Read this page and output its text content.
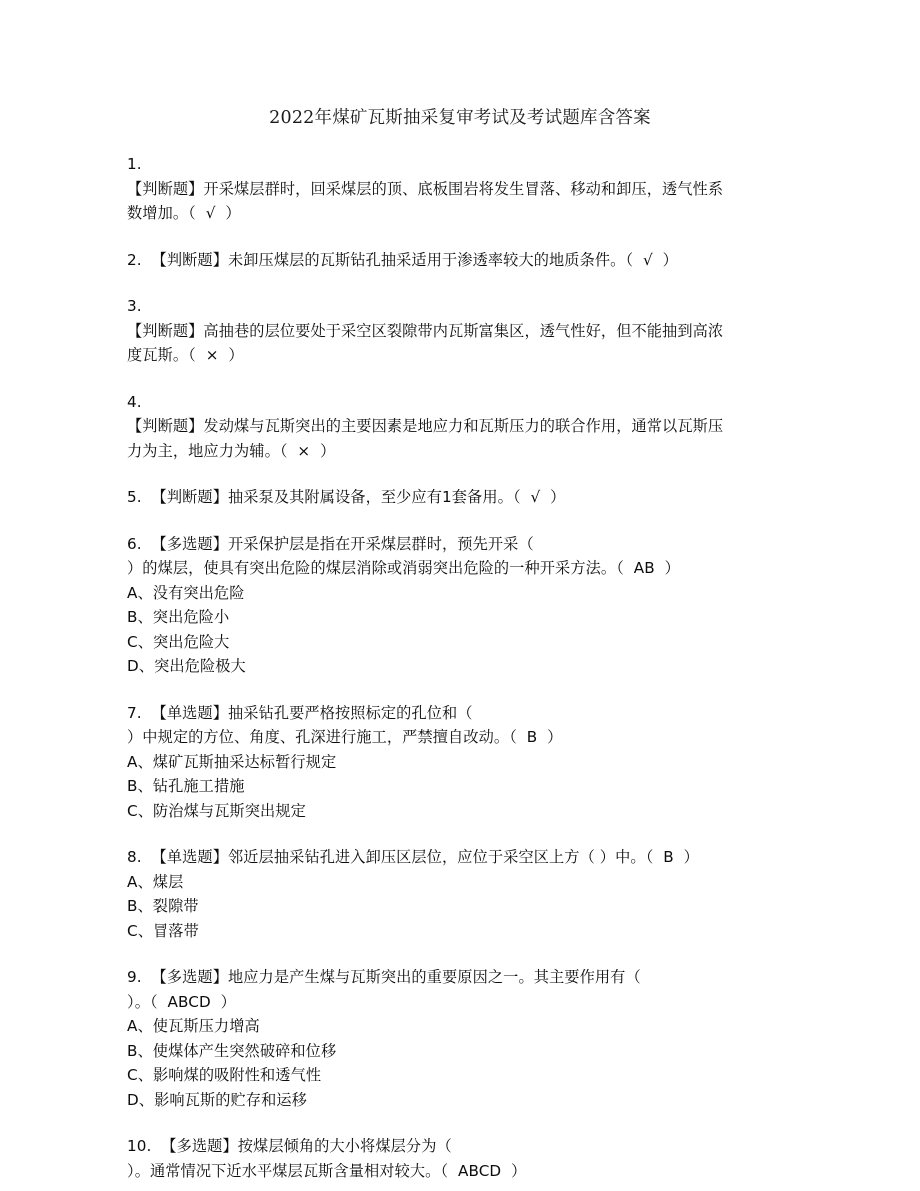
2022年煤矿瓦斯抽采复审考试及考试题库含答案
1.
【判断题】开采煤层群时，回采煤层的顶、底板围岩将发生冒落、移动和卸压，透气性系
数增加。（  √  ）
2.  【判断题】未卸压煤层的瓦斯钻孔抽采适用于渗透率较大的地质条件。（  √  ）
3.
【判断题】高抽巷的层位要处于采空区裂隙带内瓦斯富集区，透气性好，但不能抽到高浓
度瓦斯。（  ×  ）
4.
【判断题】发动煤与瓦斯突出的主要因素是地应力和瓦斯压力的联合作用，通常以瓦斯压
力为主，地应力为辅。（  ×  ）
5.  【判断题】抽采泵及其附属设备，至少应有1套备用。（  √  ）
6.  【多选题】开采保护层是指在开采煤层群时，预先开采（
）的煤层，使具有突出危险的煤层消除或消弱突出危险的一种开采方法。（  AB  ）
A、没有突出危险
B、突出危险小
C、突出危险大
D、突出危险极大
7.  【单选题】抽采钻孔要严格按照标定的孔位和（
）中规定的方位、角度、孔深进行施工，严禁擅自改动。（  B  ）
A、煤矿瓦斯抽采达标暂行规定
B、钻孔施工措施
C、防治煤与瓦斯突出规定
8.  【单选题】邻近层抽采钻孔进入卸压区层位，应位于采空区上方（ ）中。（  B  ）
A、煤层
B、裂隙带
C、冒落带
9.  【多选题】地应力是产生煤与瓦斯突出的重要原因之一。其主要作用有（
）。（  ABCD  ）
A、使瓦斯压力增高
B、使煤体产生突然破碎和位移
C、影响煤的吸附性和透气性
D、影响瓦斯的贮存和运移
10.  【多选题】按煤层倾角的大小将煤层分为（
）。通常情况下近水平煤层瓦斯含量相对较大。（  ABCD  ）
